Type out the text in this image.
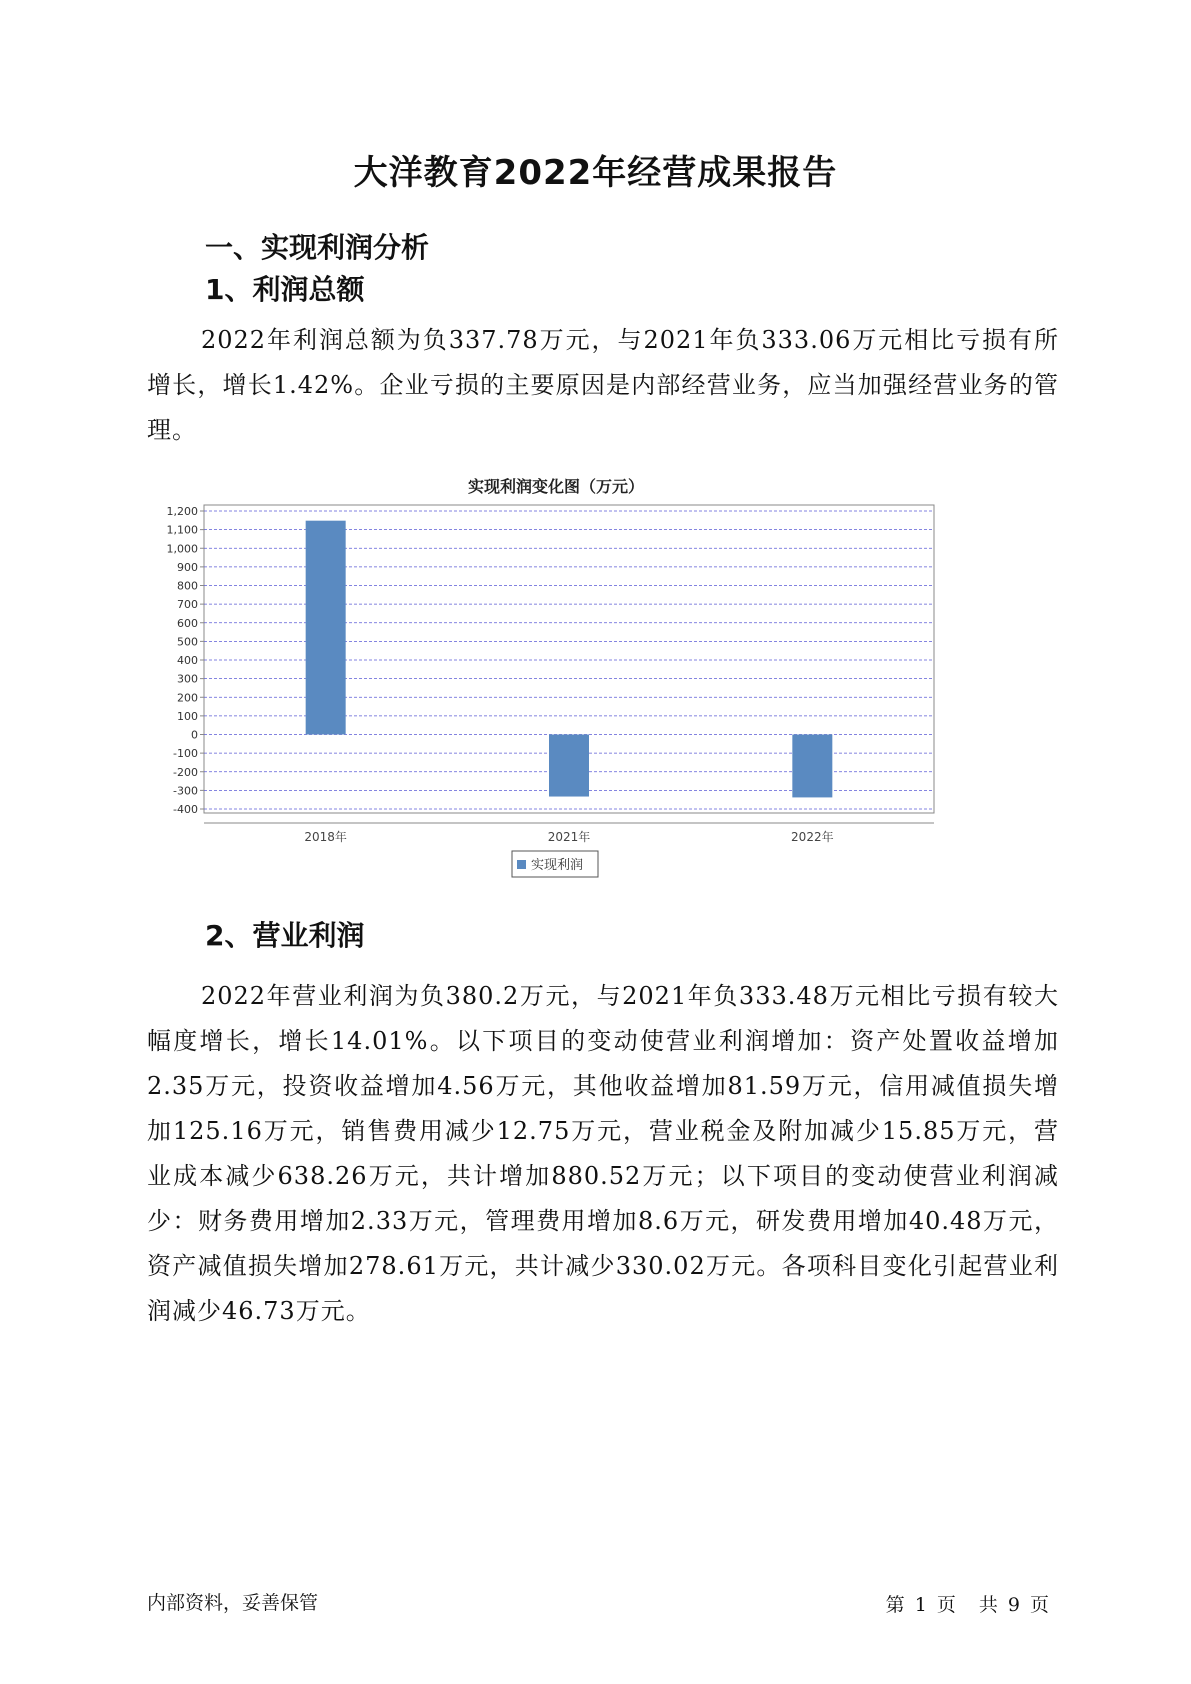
大洋教育2022年经营成果报告
一、实现利润分析
1、利润总额
2022年利润总额为负337.78万元，与2021年负333.06万元相比亏损有所增长，增长1.42%。企业亏损的主要原因是内部经营业务，应当加强经营业务的管理。
实现利润变化图（万元）
1,200
1,100
1,000
900
800
700
600
500
400
300
200
100
0
-100
-200
-300
-400
2018年	2021年	2022年
实现利润
2、营业利润
2022年营业利润为负380.2万元，与2021年负333.48万元相比亏损有较大幅度增长，增长14.01%。以下项目的变动使营业利润增加：资产处置收益增加2.35万元，投资收益增加4.56万元，其他收益增加81.59万元，信用减值损失增加125.16万元，销售费用减少12.75万元，营业税金及附加减少15.85万元，营业成本减少638.26万元，共计增加880.52万元；以下项目的变动使营业利润减少：财务费用增加2.33万元，管理费用增加8.6万元，研发费用增加40.48万元，资产减值损失增加278.61万元，共计减少330.02万元。各项科目变化引起营业利润减少46.73万元。
内部资料，妥善保管	第 1 页　共 9 页
